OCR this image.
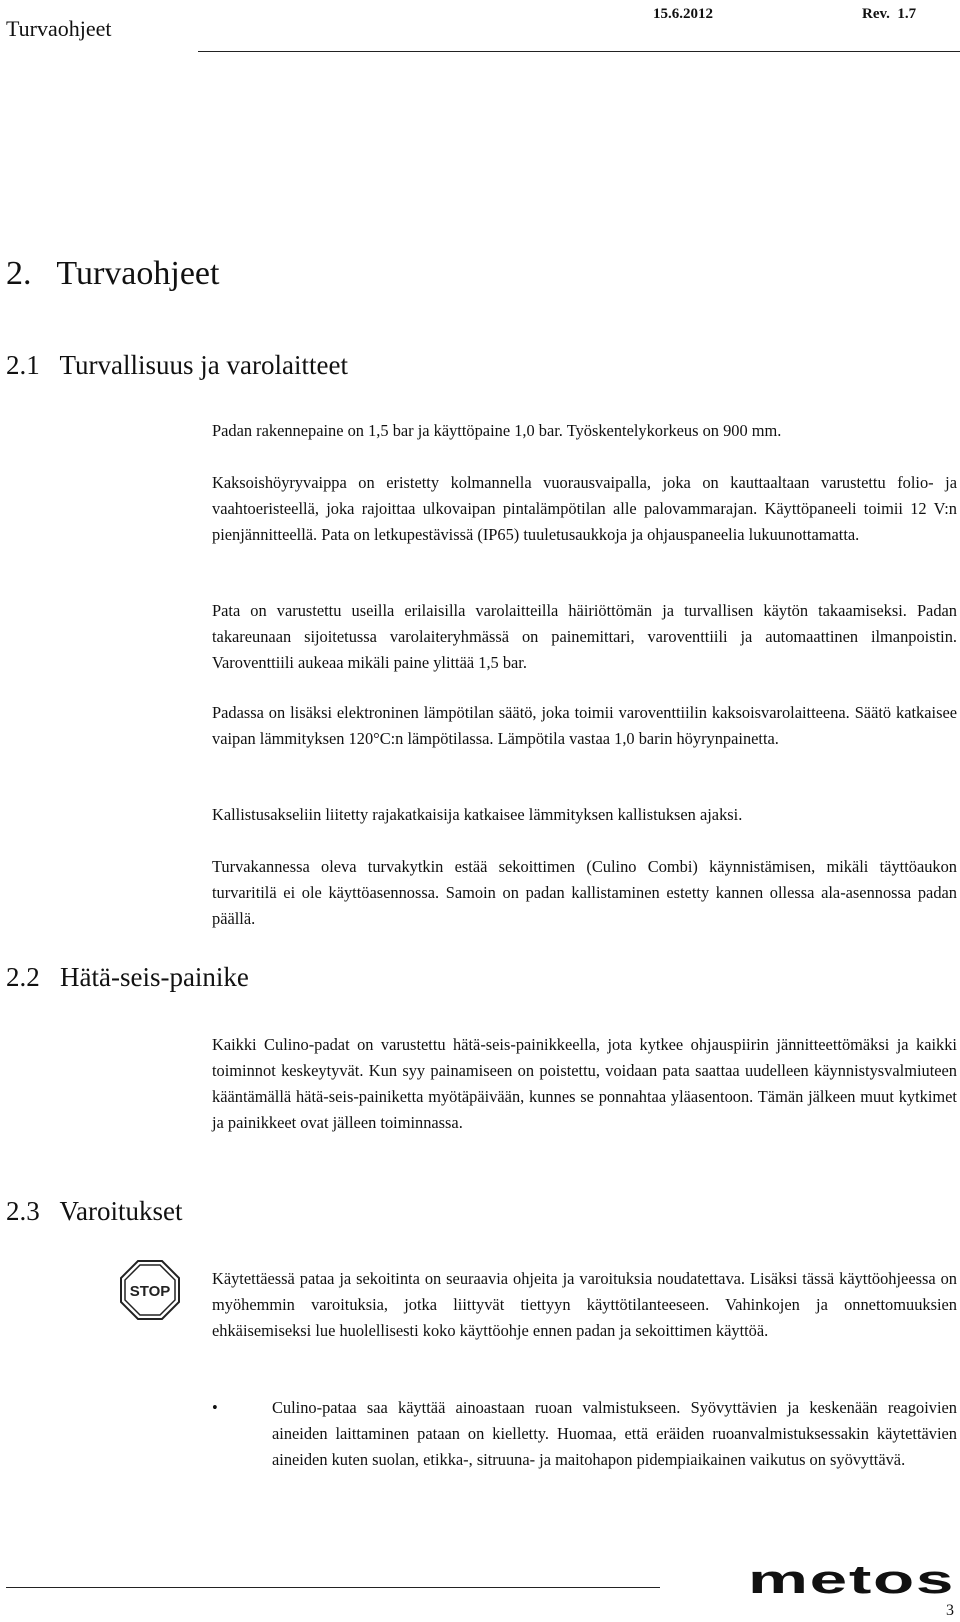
Turvaohjeet
15.6.2012	Rev.  1.7
2.   Turvaohjeet
2.1   Turvallisuus ja varolaitteet

Padan rakennepaine on 1,5 bar ja käyttöpaine 1,0 bar. Työskentelykorkeus on 900 mm.

Kaksoishöyryvaippa on eristetty kolmannella vuorausvaipalla, joka on kauttaaltaan varustettu folio- ja vaahtoeristeellä, joka rajoittaa ulkovaipan pintalämpötilan alle palovammarajan. Käyttöpaneeli toimii 12 V:n pienjännitteellä. Pata on letkupestävissä (IP65) tuuletusaukkoja ja ohjauspaneelia lukuunottamatta.

Pata on varustettu useilla erilaisilla varolaitteilla häiriöttömän ja turvallisen käytön takaamiseksi. Padan takareunaan sijoitetussa varolaiteryhmässä on painemittari, varoventtiili ja automaattinen ilmanpoistin. Varoventtiili aukeaa mikäli paine ylittää 1,5 bar.

Padassa on lisäksi elektroninen lämpötilan säätö, joka toimii varoventtiilin kaksoisvarolaitteena. Säätö katkaisee vaipan lämmityksen 120°C:n lämpötilassa. Lämpötila vastaa 1,0 barin höyrynpainetta.

Kallistusakseliin liitetty rajakatkaisija katkaisee lämmityksen kallistuksen ajaksi.

Turvakannessa oleva turvakytkin estää sekoittimen (Culino Combi) käynnistämisen, mikäli täyttöaukon turvaritilä ei ole käyttöasennossa. Samoin on padan kallistaminen estetty kannen ollessa ala-asennossa padan päällä.

2.2   Hätä-seis-painike

Kaikki Culino-padat on varustettu hätä-seis-painikkeella, jota kytkee ohjauspiirin jännitteettömäksi ja kaikki toiminnot keskeytyvät. Kun syy painamiseen on poistettu, voidaan pata saattaa uudelleen käynnistysvalmiuteen kääntämällä hätä-seis-painiketta myötäpäivään, kunnes se ponnahtaa yläasentoon. Tämän jälkeen muut kytkimet ja painikkeet ovat jälleen toiminnassa.

2.3   Varoitukset
STOP

Käytettäessä pataa ja sekoitinta on seuraavia ohjeita ja varoituksia noudatettava. Lisäksi tässä käyttöohjeessa on myöhemmin varoituksia, jotka liittyvät tiettyyn käyttötilanteeseen. Vahinkojen ja onnettomuuksien ehkäisemiseksi lue huolellisesti koko käyttöohje ennen padan ja sekoittimen käyttöä.

•	Culino-pataa saa käyttää ainoastaan ruoan valmistukseen. Syövyttävien ja keskenään reagoivien aineiden laittaminen pataan on kielletty. Huomaa, että eräiden ruoanvalmistuksessakin käytettävien aineiden kuten suolan, etikka-, sitruuna- ja maitohapon pidempiaikainen vaikutus on syövyttävä.

metos
3
